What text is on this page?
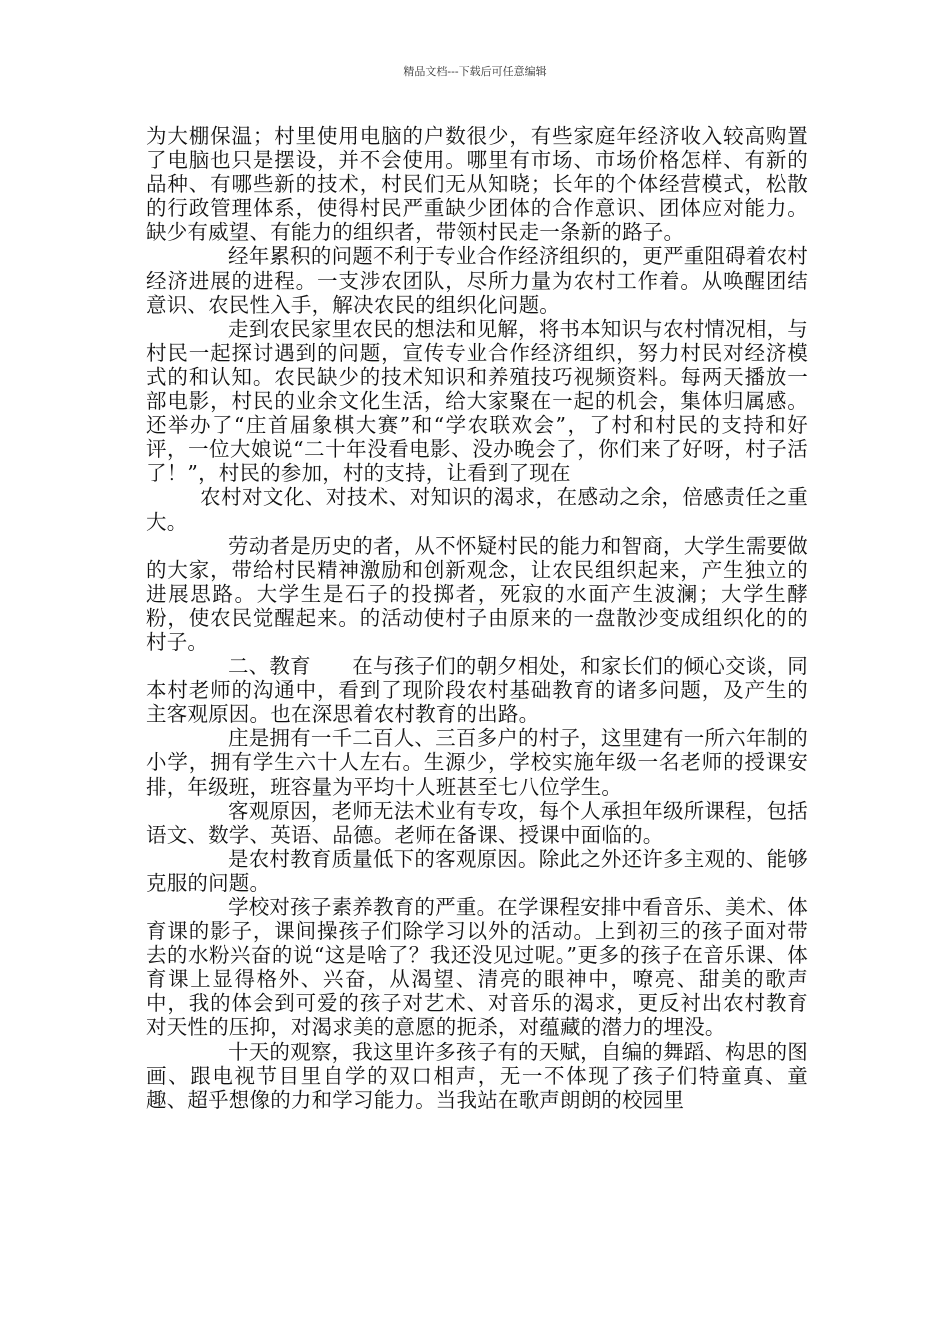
精品文档---下载后可任意编辑

为大棚保温；村里使用电脑的户数很少，有些家庭年经济收入较高购置了电脑也只是摆设，并不会使用。哪里有市场、市场价格怎样、有新的品种、有哪些新的技术，村民们无从知晓；长年的个体经营模式，松散的行政管理体系，使得村民严重缺少团体的合作意识、团体应对能力。缺少有威望、有能力的组织者，带领村民走一条新的路子。

经年累积的问题不利于专业合作经济组织的，更严重阻碍着农村经济进展的进程。一支涉农团队，尽所力量为农村工作着。从唤醒团结意识、农民性入手，解决农民的组织化问题。

走到农民家里农民的想法和见解，将书本知识与农村情况相，与村民一起探讨遇到的问题，宣传专业合作经济组织，努力村民对经济模式的和认知。农民缺少的技术知识和养殖技巧视频资料。每两天播放一部电影，村民的业余文化生活，给大家聚在一起的机会，集体归属感。还举办了“庄首届象棋大赛”和“学农联欢会”，了村和村民的支持和好评，一位大娘说“二十年没看电影、没办晚会了，你们来了好呀，村子活了！”，村民的参加，村的支持，让看到了现在

农村对文化、对技术、对知识的渴求，在感动之余，倍感责任之重大。

劳动者是历史的者，从不怀疑村民的能力和智商，大学生需要做的大家，带给村民精神激励和创新观念，让农民组织起来，产生独立的进展思路。大学生是石子的投掷者，死寂的水面产生波澜；大学生酵粉，使农民觉醒起来。的活动使村子由原来的一盘散沙变成组织化的的村子。

二、教育　　在与孩子们的朝夕相处，和家长们的倾心交谈，同本村老师的沟通中，看到了现阶段农村基础教育的诸多问题，及产生的主客观原因。也在深思着农村教育的出路。

庄是拥有一千二百人、三百多户的村子，这里建有一所六年制的小学，拥有学生六十人左右。生源少，学校实施年级一名老师的授课安排，年级班，班容量为平均十人班甚至七八位学生。

客观原因，老师无法术业有专攻，每个人承担年级所课程，包括语文、数学、英语、品德。老师在备课、授课中面临的。

是农村教育质量低下的客观原因。除此之外还许多主观的、能够克服的问题。

学校对孩子素养教育的严重。在学课程安排中看音乐、美术、体育课的影子，课间操孩子们除学习以外的活动。上到初三的孩子面对带去的水粉兴奋的说“这是啥了？我还没见过呢。”更多的孩子在音乐课、体育课上显得格外、兴奋，从渴望、清亮的眼神中，嘹亮、甜美的歌声中，我的体会到可爱的孩子对艺术、对音乐的渴求，更反衬出农村教育对天性的压抑，对渴求美的意愿的扼杀，对蕴藏的潜力的埋没。

十天的观察，我这里许多孩子有的天赋，自编的舞蹈、构思的图画、跟电视节目里自学的双口相声，无一不体现了孩子们特童真、童趣、超乎想像的力和学习能力。当我站在歌声朗朗的校园里
